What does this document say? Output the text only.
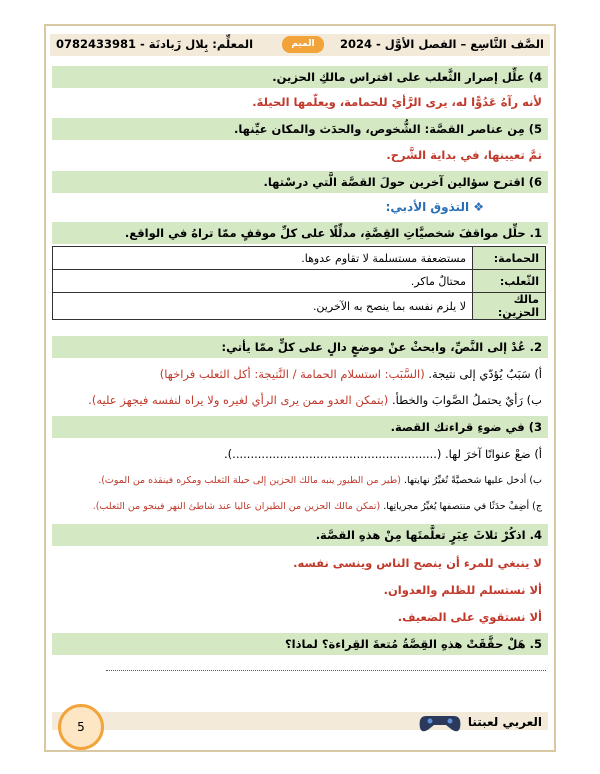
الصَّف التَّاسِع – الفصل الأوَّل - 2024
الميم
المعلِّم: بِلال زَبادنَة - 0782433981
4) علِّل إصرار الثَّعلب على افتراس مالكِ الحزين.
لأنه رآهُ عَدُوًّا له، يرى الرَّأيَ للحمامة، ويعلّمها الحيلةَ.
5) مِن عناصر القصَّة: الشُّخوص، والحدَث والمكان عيِّنها.
تمَّ تعيينها، في بداية الشَّرح.
6) اقترح سؤالين آخرين حولَ القصَّة الَّتي درسْتها.
❖ التذوق الأدبي:
1. حلِّل مواقفَ شخصيَّاتِ القِصَّةِ، مدلِّلًا على كلِّ موقفٍ ممّا تراهُ في الواقع.
الحمامة:	مستضعفة مستسلمة لا تقاوم عدوها.
الثّعلب:	محتالٌ ماكر.
مالك الحزين:	لا يلزم نفسه بما ينصح به الآخرين.
2. عُدْ إلى النَّصِّ، وابحثْ عنْ موضعٍ دالٍ على كلٍّ ممّا يأتي:
أ) سَبَبٌ يُؤدّي إلى نتيجة. (السَّبَب: استسلام الحمامة / النَّتيجة: أكل الثعلب فراخها)
ب) رَأيٌ يحتملُ الصَّوابَ والخطأ. (بتمكن العدو ممن يرى الرأي لغيره ولا يراه لنفسه فيجهز عليه).
3) في ضوءِ قراءتك القصة.
أ) ضعْ عنوانًا آخرَ لها. (........................................................).
ب) أدخل عليها شخصيَّةً تُغيِّرُ نهايتها. (طير من الطيور ينبه مالك الحزين إلى حيلة الثعلب ومكره فينقذه من الموت).
ج) أضِفْ حدَثًا في منتصفها يُغيِّرُ مجرياتِها. (تمكن مالك الحزين من الطيران عاليا عند شاطئ النهر فينجو من الثعلب).
4. اذكُرْ ثلاثَ عِبَرٍ تعلَّمتَها مِنْ هذهِ القصَّة.
لا ينبغي للمرء أن ينصح الناس وينسى نفسه.
ألا نستسلم للظلم والعدوان.
ألا نستقوي على الضعيف.
5. هَلْ حقَّقَتْ هذهِ القِصَّةُ مُتعةَ القِراءة؟ لماذا؟
العربي لعبتنا
5
